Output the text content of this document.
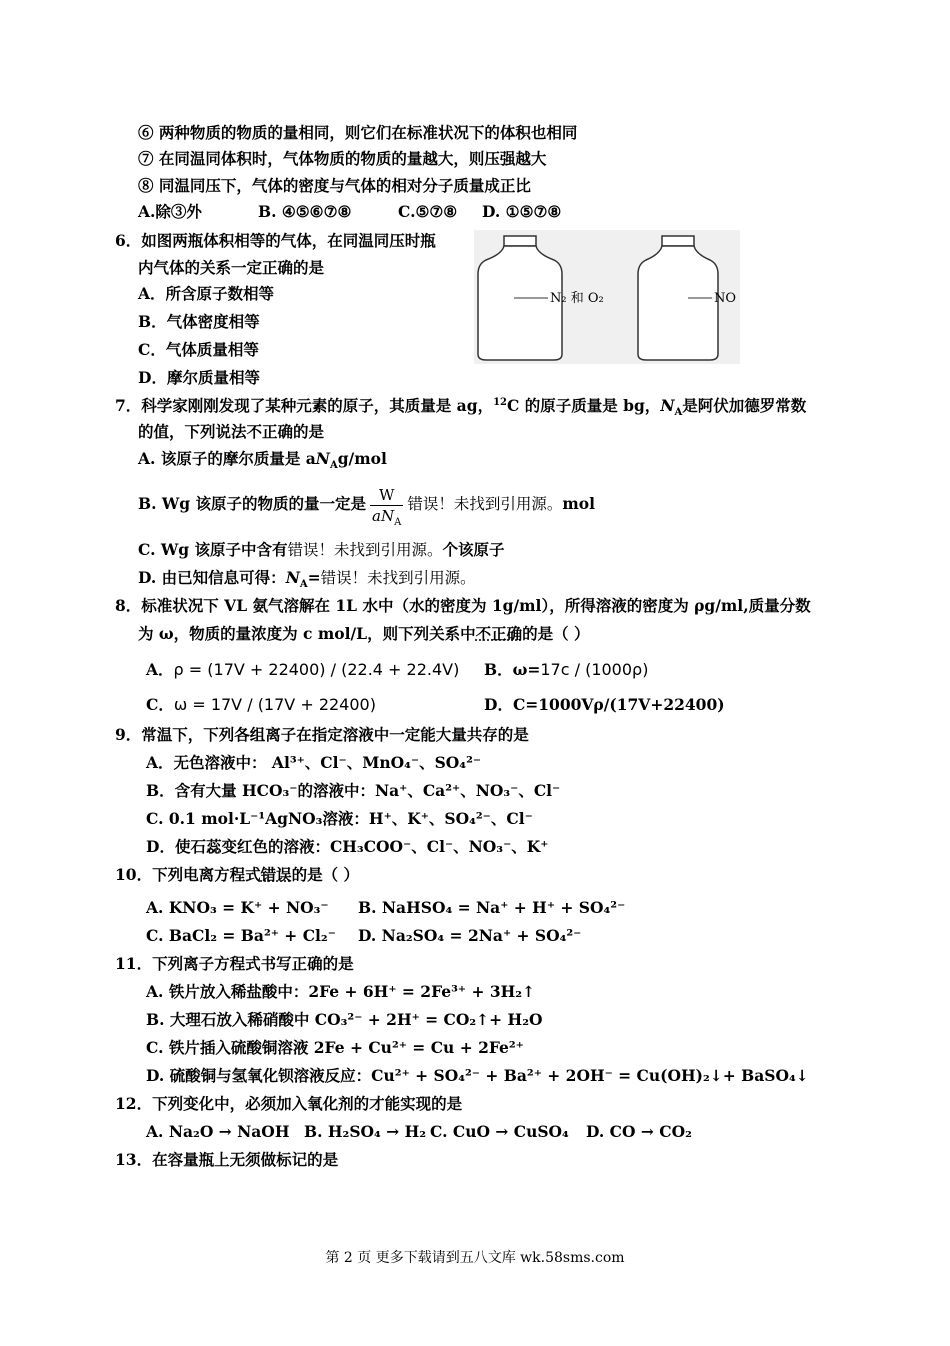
⑥ 两种物质的物质的量相同，则它们在标准状况下的体积也相同
⑦ 在同温同体积时，气体物质的物质的量越大，则压强越大
⑧ 同温同压下，气体的密度与气体的相对分子质量成正比
A.除③外	B. ④⑤⑥⑦⑧	C.⑤⑦⑧ D. ①⑤⑦⑧
6．如图两瓶体积相等的气体，在同温同压时瓶
内气体的关系一定正确的是
A．所含原子数相等
B．气体密度相等
C．气体质量相等
D．摩尔质量相等
N₂ 和 O₂	NO
7．科学家刚刚发现了某种元素的原子，其质量是 ag，$^{12}$C 的原子质量是 bg，$N_A$是阿伏加德罗常数
的值，下列说法不正确的是
A. 该原子的摩尔质量是 $aN_Ag$/mol
B. Wg 该原子的物质的量一定是 $\frac{W}{aN_A}$ 错误！未找到引用源。mol
C. Wg 该原子中含有错误！未找到引用源。个该原子
D. 由已知信息可得：$N_A=$错误！未找到引用源。
8．标准状况下 VL 氨气溶解在 1L 水中（水的密度为 1g/ml），所得溶液的密度为 ρg/ml,质量分数
为 ω，物质的量浓度为 c mol/L，则下列关系中不正确的是（ ）
A．ρ = (17V + 22400) / (22.4 + 22.4V) B．ω=17c / (1000ρ)
C．ω = 17V / (17V + 22400)	D．C=1000Vρ/(17V+22400)
9．常温下，下列各组离子在指定溶液中一定能大量共存的是
A．无色溶液中： Al³⁺、Cl⁻、MnO₄⁻、SO₄²⁻
B．含有大量 HCO₃⁻的溶液中：Na⁺、Ca²⁺、NO₃⁻、Cl⁻
C. 0.1 mol·L⁻¹AgNO₃溶液：H⁺、K⁺、SO₄²⁻、Cl⁻
D．使石蕊变红色的溶液：CH₃COO⁻、Cl⁻、NO₃⁻、K⁺
10．下列电离方程式错误的是（ ）
A. KNO₃ = K⁺ + NO₃⁻ B. NaHSO₄ = Na⁺ + H⁺ + SO₄²⁻
C. BaCl₂ = Ba²⁺ + Cl₂⁻ D. Na₂SO₄ = 2Na⁺ + SO₄²⁻
11．下列离子方程式书写正确的是
A. 铁片放入稀盐酸中：2Fe + 6H⁺ = 2Fe³⁺ + 3H₂↑
B. 大理石放入稀硝酸中 CO₃²⁻ + 2H⁺ = CO₂↑+ H₂O
C. 铁片插入硫酸铜溶液 2Fe + Cu²⁺ = Cu + 2Fe²⁺
D. 硫酸铜与氢氧化钡溶液反应：Cu²⁺ + SO₄²⁻ + Ba²⁺ + 2OH⁻ = Cu(OH)₂↓+ BaSO₄↓
12．下列变化中，必须加入氧化剂的才能实现的是
A. Na₂O → NaOH B. H₂SO₄ → H₂ C. CuO → CuSO₄ D. CO → CO₂
13．在容量瓶上无须做标记的是
第 2 页 更多下载请到五八文库 wk.58sms.com
